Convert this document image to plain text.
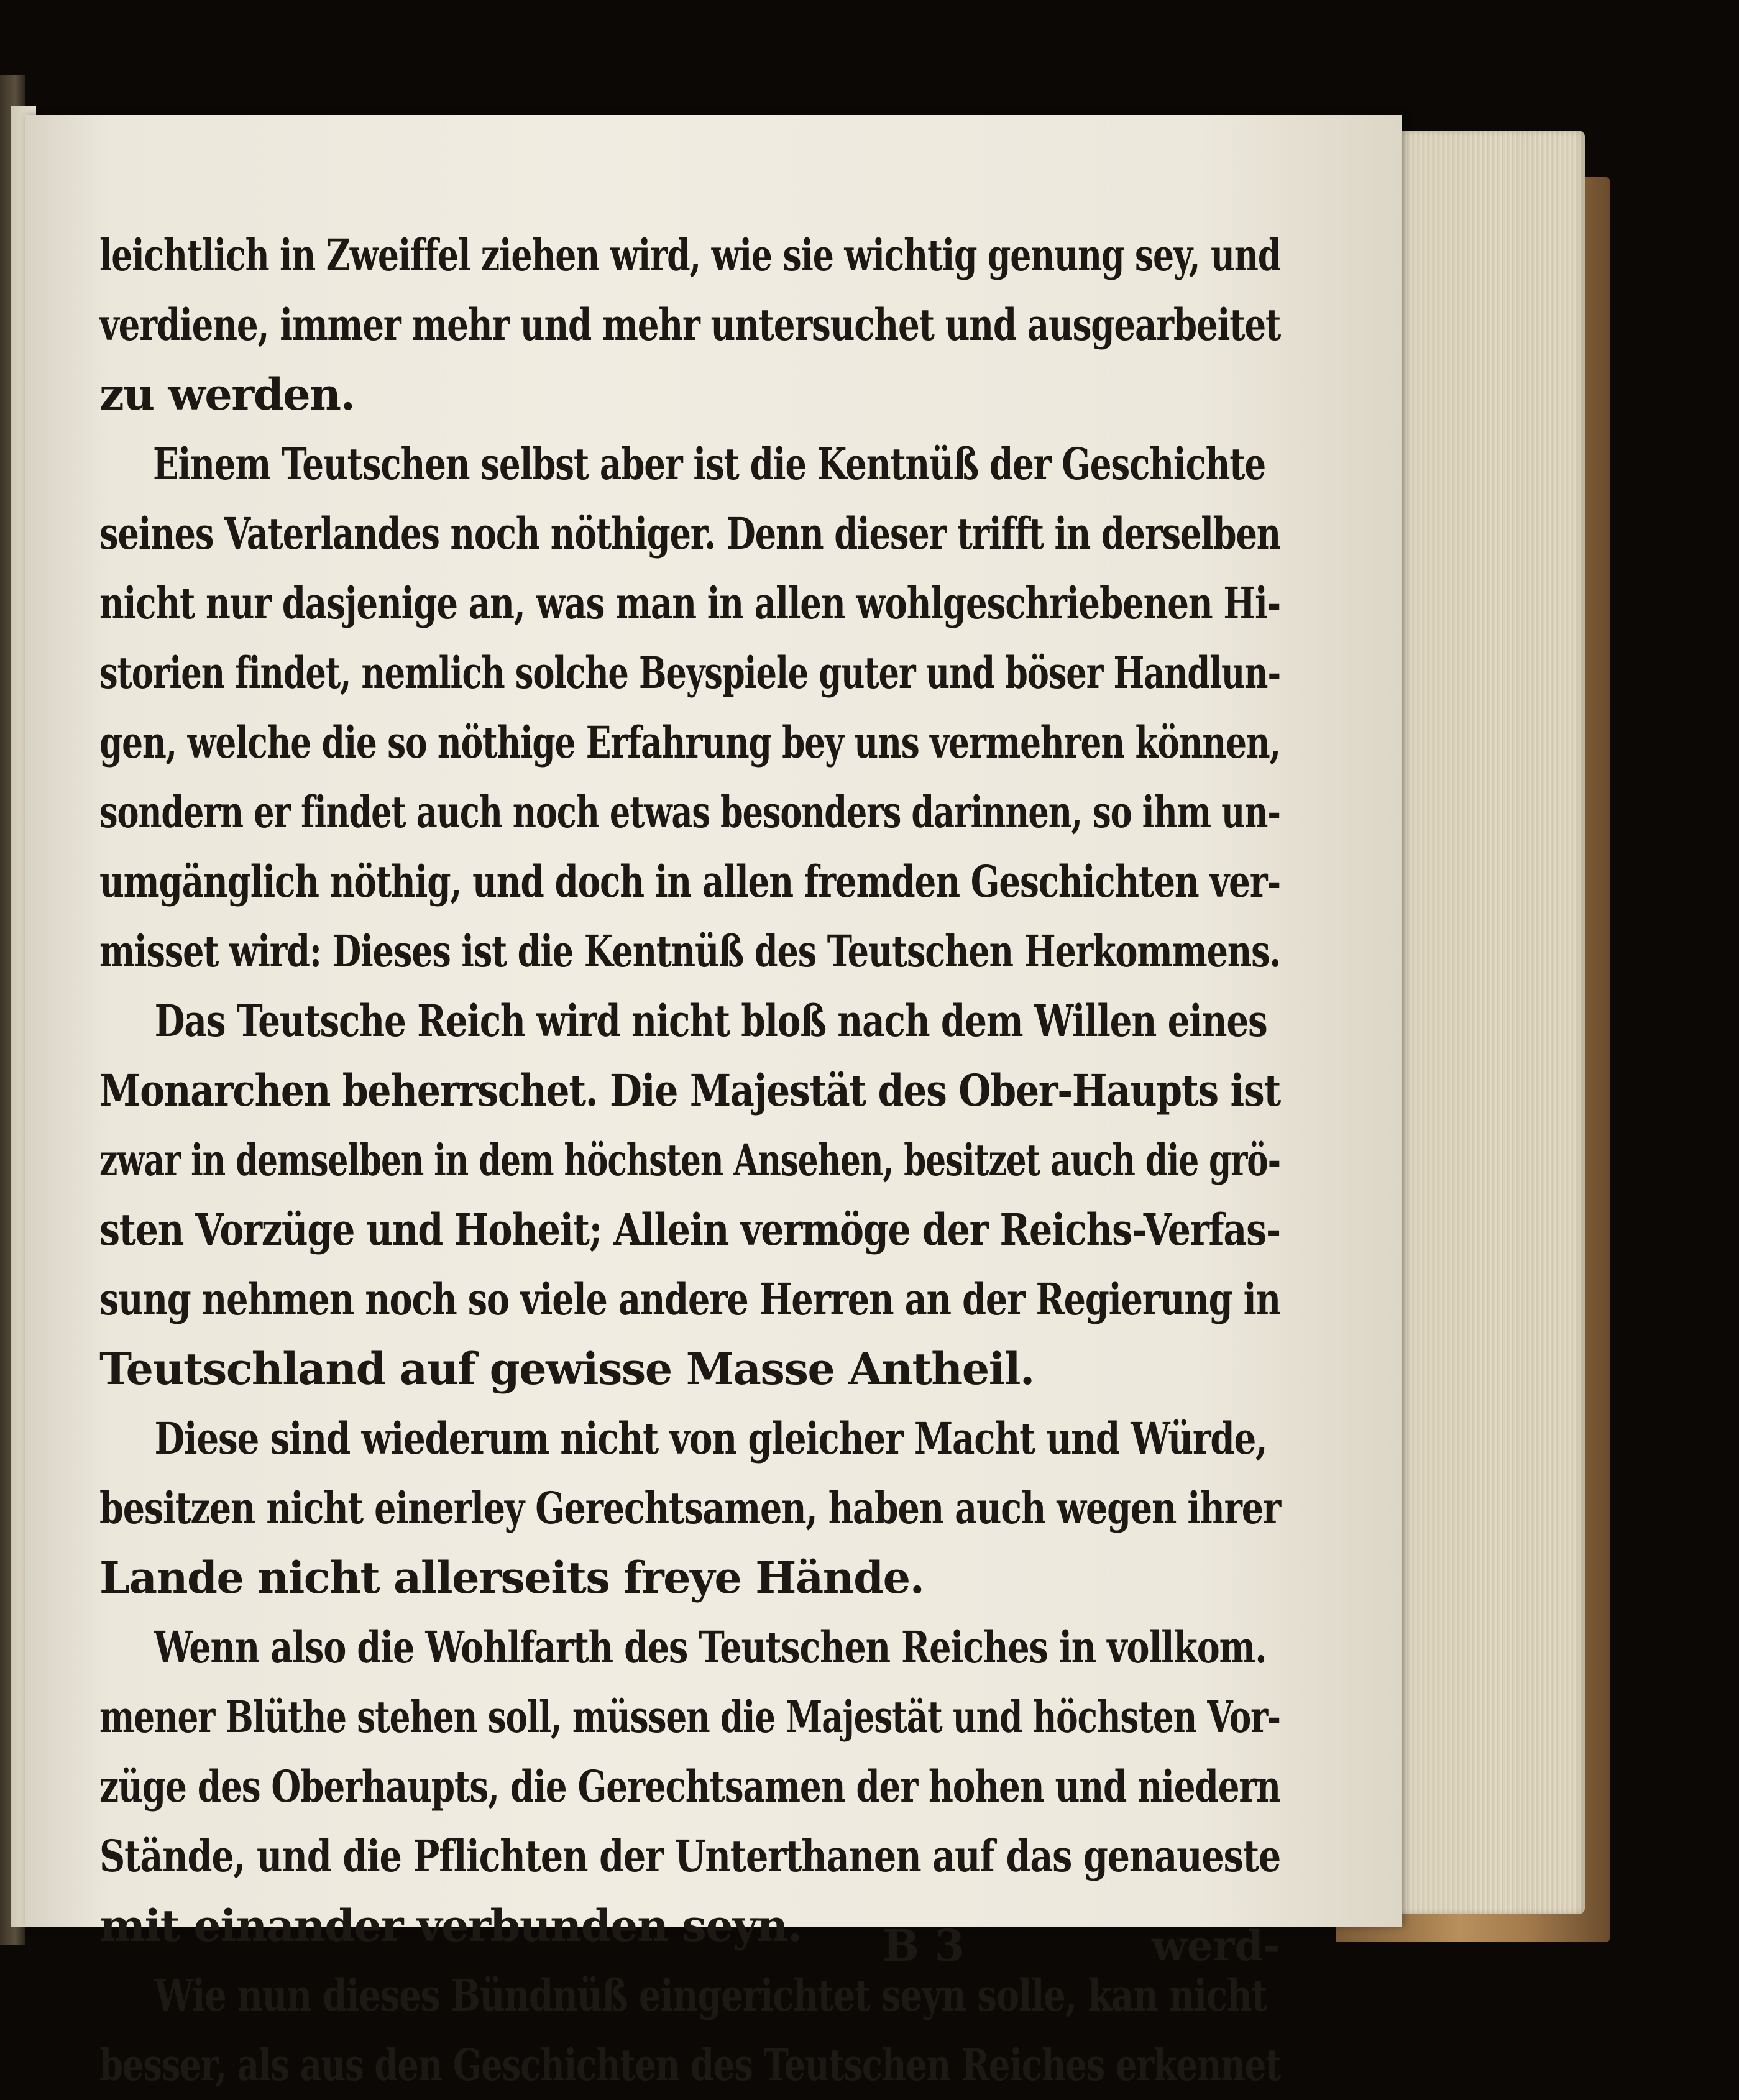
leichtlich in Zweiffel ziehen wird, wie sie wichtig genung sey, und
verdiene, immer mehr und mehr untersuchet und ausgearbeitet
zu werden.
Einem Teutschen selbst aber ist die Kentnüß der Geschichte
seines Vaterlandes noch nöthiger. Denn dieser trifft in derselben
nicht nur dasjenige an, was man in allen wohlgeschriebenen Hi-
storien findet, nemlich solche Beyspiele guter und böser Handlun-
gen, welche die so nöthige Erfahrung bey uns vermehren können,
sondern er findet auch noch etwas besonders darinnen, so ihm un-
umgänglich nöthig, und doch in allen fremden Geschichten ver-
misset wird: Dieses ist die Kentnüß des Teutschen Herkommens.
Das Teutsche Reich wird nicht bloß nach dem Willen eines
Monarchen beherrschet. Die Majestät des Ober-Haupts ist
zwar in demselben in dem höchsten Ansehen, besitzet auch die grö-
sten Vorzüge und Hoheit; Allein vermöge der Reichs-Verfas-
sung nehmen noch so viele andere Herren an der Regierung in
Teutschland auf gewisse Masse Antheil.
Diese sind wiederum nicht von gleicher Macht und Würde,
besitzen nicht einerley Gerechtsamen, haben auch wegen ihrer
Lande nicht allerseits freye Hände.
Wenn also die Wohlfarth des Teutschen Reiches in vollkom.
mener Blüthe stehen soll, müssen die Majestät und höchsten Vor-
züge des Oberhaupts, die Gerechtsamen der hohen und niedern
Stände, und die Pflichten der Unterthanen auf das genaueste
mit einander verbunden seyn.
Wie nun dieses Bündnüß eingerichtet seyn solle, kan nicht
besser, als aus den Geschichten des Teutschen Reiches erkennet
B 3	werd-
